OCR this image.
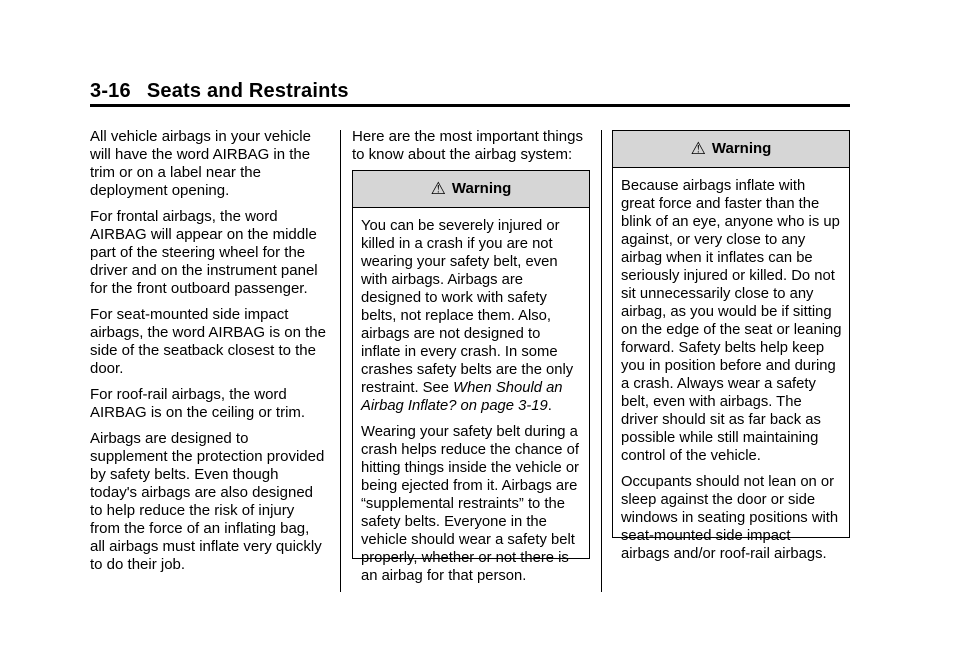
3-16 Seats and Restraints

All vehicle airbags in your vehicle will have the word AIRBAG in the trim or on a label near the deployment opening.

For frontal airbags, the word AIRBAG will appear on the middle part of the steering wheel for the driver and on the instrument panel for the front outboard passenger.

For seat-mounted side impact airbags, the word AIRBAG is on the side of the seatback closest to the door.

For roof-rail airbags, the word AIRBAG is on the ceiling or trim.

Airbags are designed to supplement the protection provided by safety belts. Even though today's airbags are also designed to help reduce the risk of injury from the force of an inflating bag, all airbags must inflate very quickly to do their job.

Here are the most important things to know about the airbag system:

⚠︎ Warning

You can be severely injured or killed in a crash if you are not wearing your safety belt, even with airbags. Airbags are designed to work with safety belts, not replace them. Also, airbags are not designed to inflate in every crash. In some crashes safety belts are the only restraint. See When Should an Airbag Inflate? on page 3-19.

Wearing your safety belt during a crash helps reduce the chance of hitting things inside the vehicle or being ejected from it. Airbags are “supplemental restraints” to the safety belts. Everyone in the vehicle should wear a safety belt properly, whether or not there is an airbag for that person.

⚠︎ Warning

Because airbags inflate with great force and faster than the blink of an eye, anyone who is up against, or very close to any airbag when it inflates can be seriously injured or killed. Do not sit unnecessarily close to any airbag, as you would be if sitting on the edge of the seat or leaning forward. Safety belts help keep you in position before and during a crash. Always wear a safety belt, even with airbags. The driver should sit as far back as possible while still maintaining control of the vehicle.

Occupants should not lean on or sleep against the door or side windows in seating positions with seat-mounted side impact airbags and/or roof-rail airbags.
